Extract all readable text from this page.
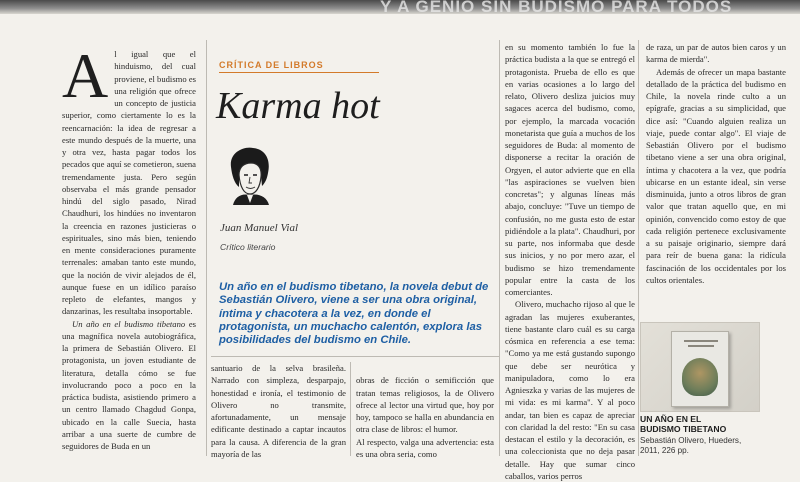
Y A GENIO SIN BUDISMO PARA TODOS

Al igual que el hinduismo, del cual proviene, el budismo es una religión que ofrece un concepto de justicia superior, como ciertamente lo es la reencarnación: la idea de regresar a este mundo después de la muerte, una y otra vez, hasta pagar todos los pecados que aquí se cometieron, suena tremendamente justa. Pero según observaba el más grande pensador hindú del siglo pasado, Nirad Chaudhuri, los hindúes no inventaron la creencia en razones justicieras o espirituales, sino más bien, teniendo en mente consideraciones puramente terrenales: amaban tanto este mundo, que la noción de vivir alejados de él, aunque fuese en un idílico paraíso repleto de elefantes, mangos y danzarinas, les resultaba insoportable.

Un año en el budismo tibetano es una magnífica novela autobiográfica, la primera de Sebastián Olivero. El protagonista, un joven estudiante de literatura, detalla cómo se fue involucrando poco a poco en la práctica budista, asistiendo primero a un centro llamado Chagdud Gonpa, ubicado en la calle Suecia, hasta arribar a una suerte de cumbre de seguidores de Buda en un

CRÍTICA DE LIBROS
Karma hot
Juan Manuel Vial
Crítico literario
Un año en el budismo tibetano, la novela debut de Sebastián Olivero, viene a ser una obra original, íntima y chacotera a la vez, en donde el protagonista, un muchacho calentón, explora las posibilidades del budismo en Chile.

santuario de la selva brasileña. Narrado con simpleza, desparpajo, honestidad e ironía, el testimonio de Olivero no transmite, afortunadamente, un mensaje edificante destinado a captar incautos para la causa. A diferencia de la gran mayoría de las

obras de ficción o semificción que tratan temas religiosos, la de Olivero ofrece al lector una virtud que, hoy por hoy, tampoco se halla en abundancia en otra clase de libros: el humor.
Al respecto, valga una advertencia: esta es una obra seria, como

en su momento también lo fue la práctica budista a la que se entregó el protagonista. Prueba de ello es que en varias ocasiones a lo largo del relato, Olivero desliza juicios muy sagaces acerca del budismo, como, por ejemplo, la marcada vocación monetarista que guía a muchos de los seguidores de Buda: al momento de disponerse a recitar la oración de Orgyen, el autor advierte que en ella "las aspiraciones se vuelven bien concretas"; y algunas líneas más abajo, concluye: "Tuve un tiempo de confusión, no me gusta esto de estar pidiéndole a la plata". Chaudhuri, por su parte, nos informaba que desde sus inicios, y no por mero azar, el budismo se hizo tremendamente popular entre la casta de los comerciantes.

Olivero, muchacho rijoso al que le agradan las mujeres exuberantes, tiene bastante claro cuál es su carga cósmica en referencia a ese tema: "Como ya me está gustando supongo que debe ser neurótica y manipuladora, como lo era Agnieszka y varias de las mujeres de mi vida: es mi karma". Y al poco andar, tan bien es capaz de apreciar con claridad la del resto: "En su casa destacan el estilo y la decoración, es una coleccionista que no deja pasar detalle. Hay que sumar cinco caballos, varios perros

de raza, un par de autos bien caros y un karma de mierda".

Además de ofrecer un mapa bastante detallado de la práctica del budismo en Chile, la novela rinde culto a un epígrafe, gracias a su simplicidad, que dice así: "Cuando alguien realiza un viaje, puede contar algo". El viaje de Sebastián Olivero por el budismo tibetano viene a ser una obra original, íntima y chacotera a la vez, que podría ubicarse en un estante ideal, sin verse disminuida, junto a otros libros de gran valor que tratan aquello que, en mi opinión, convencido como estoy de que cada religión pertenece exclusivamente a su paisaje originario, siempre dará para reír de buena gana: la ridícula fascinación de los occidentales por los cultos orientales.

UN AÑO EN EL
BUDISMO TIBETANO
Sebastián Olivero, Hueders,
2011, 226 pp.
